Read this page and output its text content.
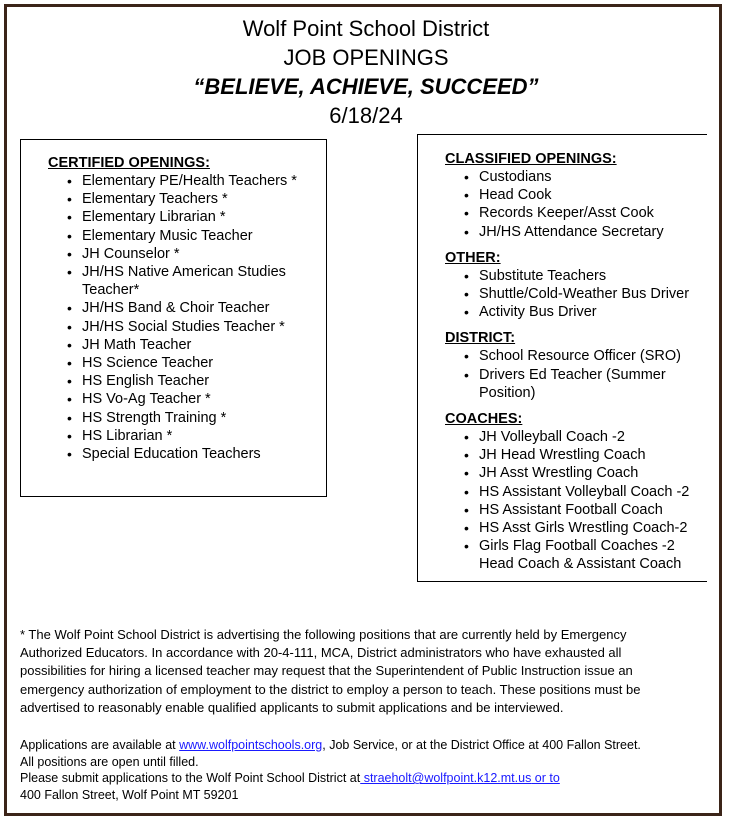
Wolf Point School District
JOB OPENINGS
“BELIEVE, ACHIEVE, SUCCEED”
6/18/24
CERTIFIED OPENINGS:
• Elementary PE/Health Teachers *
• Elementary Teachers *
• Elementary Librarian *
• Elementary Music Teacher
• JH Counselor *
• JH/HS Native American Studies Teacher*
• JH/HS Band & Choir Teacher
• JH/HS Social Studies Teacher *
• JH Math Teacher
• HS Science Teacher
• HS English Teacher
• HS Vo-Ag Teacher *
• HS Strength Training *
• HS Librarian *
• Special Education Teachers
CLASSIFIED OPENINGS:
• Custodians
• Head Cook
• Records Keeper/Asst Cook
• JH/HS Attendance Secretary
OTHER:
• Substitute Teachers
• Shuttle/Cold-Weather Bus Driver
• Activity Bus Driver
DISTRICT:
• School Resource Officer (SRO)
• Drivers Ed Teacher (Summer Position)
COACHES:
• JH Volleyball Coach -2
• JH Head Wrestling Coach
• JH Asst Wrestling Coach
• HS Assistant Volleyball Coach -2
• HS Assistant Football Coach
• HS Asst Girls Wrestling Coach-2
• Girls Flag Football Coaches -2 Head Coach & Assistant Coach
* The Wolf Point School District is advertising the following positions that are currently held by Emergency Authorized Educators. In accordance with 20-4-111, MCA, District administrators who have exhausted all possibilities for hiring a licensed teacher may request that the Superintendent of Public Instruction issue an emergency authorization of employment to the district to employ a person to teach. These positions must be advertised to reasonably enable qualified applicants to submit applications and be interviewed.
Applications are available at www.wolfpointschools.org, Job Service, or at the District Office at 400 Fallon Street.
All positions are open until filled.
Please submit applications to the Wolf Point School District at straeholt@wolfpoint.k12.mt.us or to
400 Fallon Street, Wolf Point MT 59201
